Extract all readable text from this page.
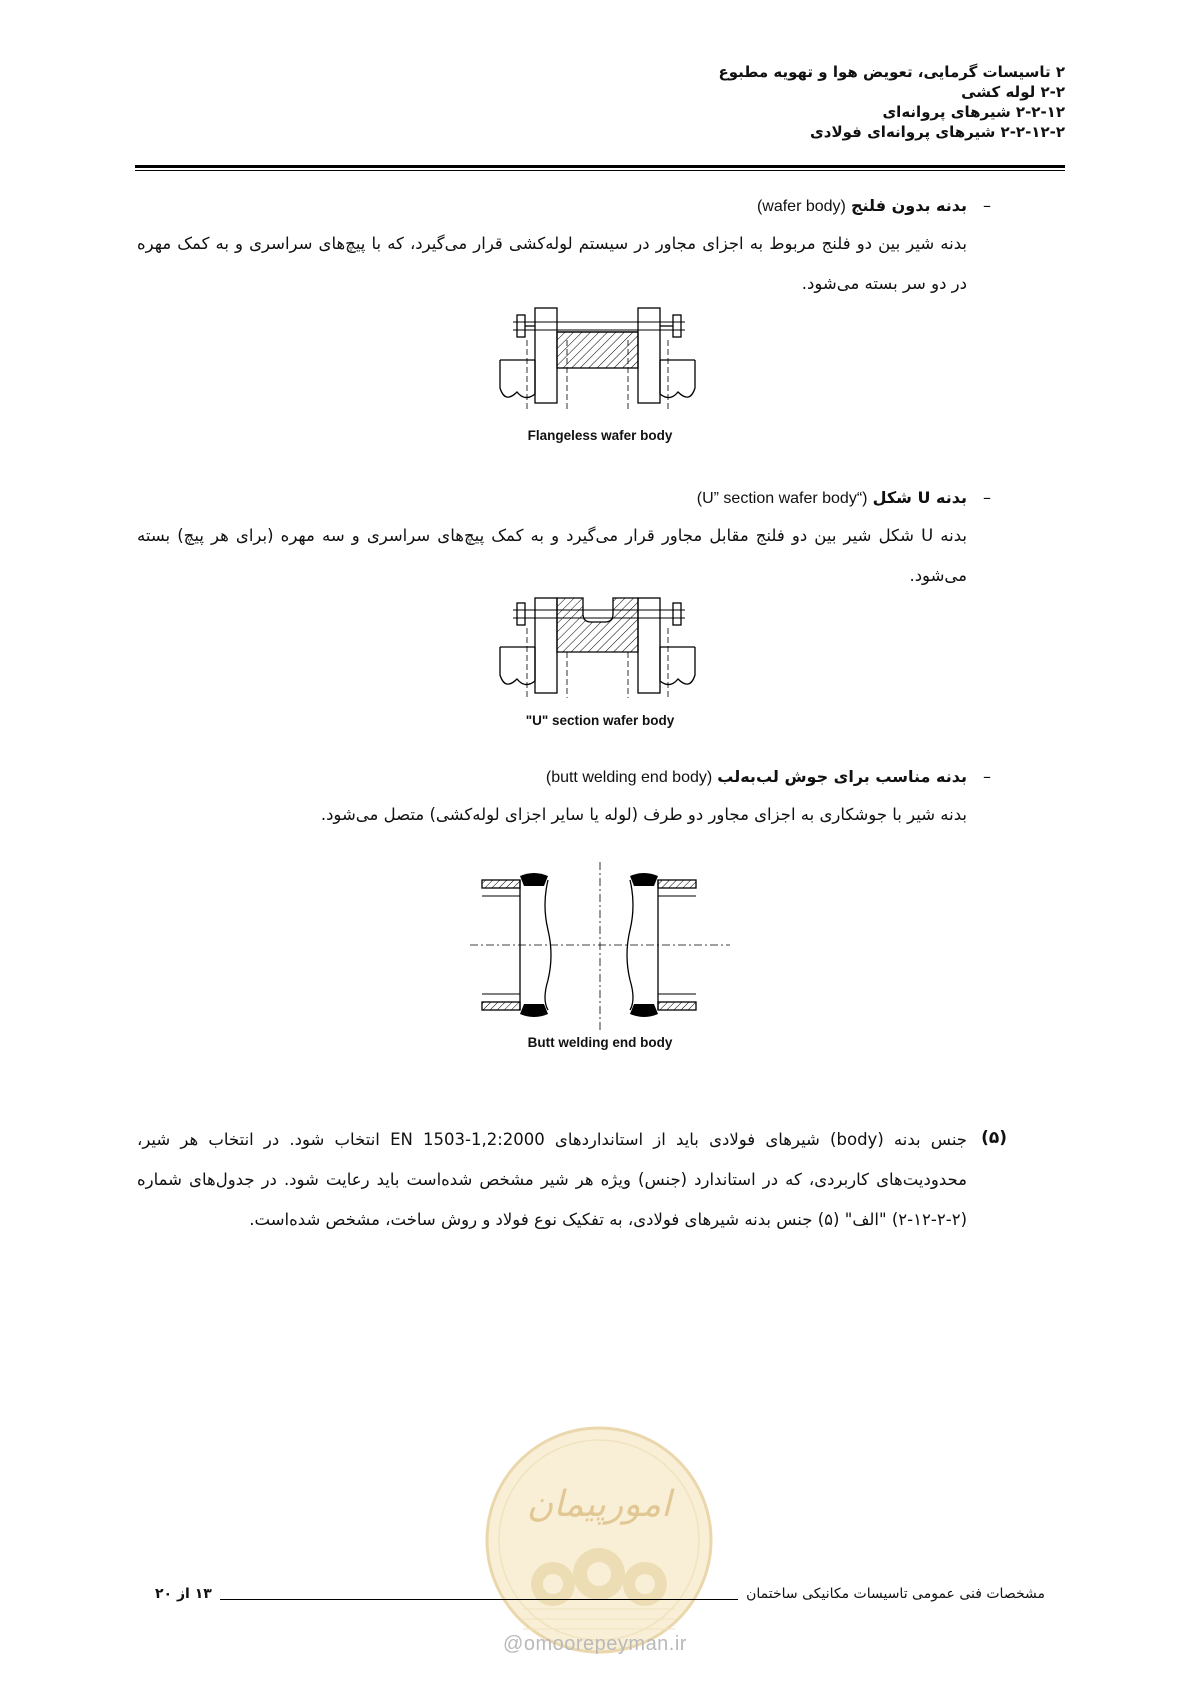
۲ تاسیسات گرمایی، تعویض هوا و تهویه مطبوع
۲-۲ لوله کشی
۲-۲-۱۲ شیرهای پروانه‌ای
۲-۲-۱۲-۲ شیرهای پروانه‌ای فولادی
–
بدنه بدون فلنج (wafer body)
بدنه شیر بین دو فلنج مربوط به اجزای مجاور در سیستم لوله‌کشی قرار می‌گیرد، که با پیچ‌های سراسری و به کمک مهره در دو سر بسته می‌شود.
Flangeless wafer body
–
بدنه U شکل (“U” section wafer body)
بدنه U شکل شیر بین دو فلنج مقابل مجاور قرار می‌گیرد و به کمک پیچ‌های سراسری و سه مهره (برای هر پیچ) بسته می‌شود.
"U" section wafer body
–
بدنه مناسب برای جوش لب‌به‌لب (butt welding end body)
بدنه شیر با جوشکاری به اجزای مجاور دو طرف (لوله یا سایر اجزای لوله‌کشی) متصل می‌شود.
Butt welding end body
(۵)
جنس بدنه (body) شیرهای فولادی باید از استانداردهای EN 1503-1,2:2000 انتخاب شود. در انتخاب هر شیر، محدودیت‌های کاربردی، که در استاندارد (جنس) ویژه هر شیر مشخص شده‌است باید رعایت شود. در جدول‌های شماره (۲-۲-۱۲-۲) "الف" (۵) جنس بدنه شیرهای فولادی، به تفکیک نوع فولاد و روش ساخت، مشخص شده‌است.
امورپیمان
مشخصات فنی عمومی تاسیسات مکانیکی ساختمان
۱۳ از ۲۰
@omoorepeyman.ir
